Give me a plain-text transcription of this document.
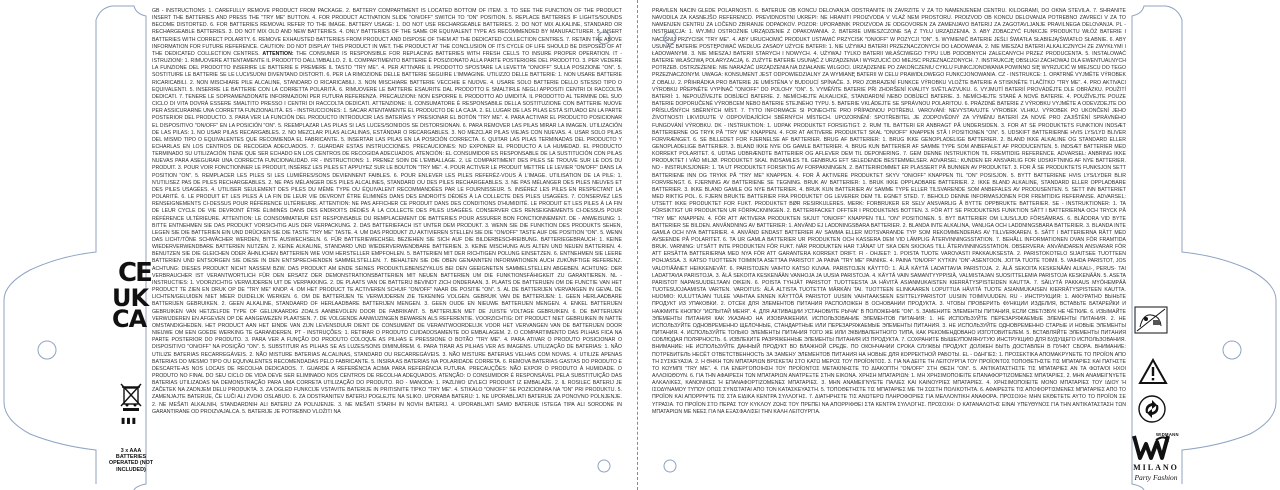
GB - INSTRUCTIONS: 1. CAREFULLY REMOVE PRODUCT FROM PACKAGE. 2. BATTERY COMPARTMENT IS LOCATED BOTTOM OF ITEM. 3. TO SEE THE FUNCTION OF THE PRODUCT INSERT THE BATTERIES AND PRESS THE "TRY ME" BUTTON. 4. FOR PRODUCT ACTIVATION SLIDE "ON/OFF" SWITCH TO "ON" POSITION. 5. REPLACE BATTERIES IF LIGHTS/SOUNDS BECOME DISTORTED. 6. FOR BATTERIES REMOVAL REFER TO THE IMAGE. BATTERY USAGE: 1. DO NOT USE RECHARGEABLE BATTERIES. 2. DO NOT MIX ALKALINE, STANDARD OR RECHARGEABLE BATTERIES. 3. DO NOT MIX OLD AND NEW BATTERIES. 4. ONLY BATTERIES OF THE SAME OR EQUIVALENT TYPE AS RECOMMENDED BY MANUFACTURER. 5. INSERT BATTERIES WITH CORRECT POLARITY. 6. REMOVE EXHAUSTED BATTERIES FROM PRODUCT AND DISPOSE OF THEM AT THE DEDICATED COLLECTION CENTRES. 7. RETAIN THE ABOVE INFORMATION FOR FUTURE REFERENCE. CAUTION: DO NOT DISPLAY THIS PRODUCT IN WET. THE PRODUCT AT THE CONCLUSION OF ITS CYCLE OF LIFE SHOULD BE DISPOSED OF AT THE DEDICATED COLLECTION CENTRES. ATTENTION: THE CONSUMER IS RESPONSIBLE FOR REPLACING BATTERIES WITH FRESH CELLS TO INSURE PROPER OPERATION. IT - ISTRUZIONI: 1. RIMUOVERE ATTENTAMENTE IL PRODOTTO DALL'IMBALLO. 2. IL COMPARTIMENTO BATTERIE È POSIZIONATO ALLA PARTE POSTERIORE DEL PRODOTTO. 3. PER VEDERE LA FUNZIONE DEL PRODOTTO INSERIRE LE BATTERIE E PREMERE IL TASTO "TRY ME". 4. PER ATTIVARE IL PRODOTTO SPOSTARE LA LEVETTA "ON/OFF" SULLA POSIZIONE "ON". 5. SOSTITUIRE LE BATTERIE SE LE LUCI/SUONI DIVENTANO DISTORTI. 6. PER LA RIMOZIONE DELLE BATTERIE SEGUIRE L'IMMAGINE. UTILIZZO DELLE BATTERIE: 1. NON USARE BATTERIE RICARICABILI. 2. NON MISCHIARE PILE ALCALINE, STANDARD O RICARICABILI. 3. NON MISCHIARE BATTERIE VECCHIE E NUOVE. 4. USARE SOLO BATTERIE DELLO STESSO TIPO O EQUIVALENTI. 5. INSERIRE LE BATTERIE CON LA CORRETTA POLARITÀ. 6. RIMUOVERE LE BATTERIE ESAURITE DAL PRODOTTO E SMALTIRLE NEGLI APPOSITI CENTRI DI RACCOLTA DEDICATI. 7. TENERE LE SOPRAMENZIONATE INFORMAZIONI PER FUTURA REFERENZA. PRECAUZIONI: NON ESPORRE IL PRODOTTO AD UMIDITÀ. IL PRODOTTO AL TERMINE DEL SUO CICLO DI VITA DOVRÀ ESSERE SMALTITO PRESSO I CENTRI DI RACCOLTA DEDICATI. ATTENZIONE: IL CONSUMATORE È RESPONSABILE DELLA SOSTITUZIONE CON BATTERIE NUOVE PER ASSICURARNE UNA CORRETTA FUNZIONALITÀ. ES - INSTRUCCIONES: 1. SACAR ATENTAMENTE EL PRODUCTO DE LA CAJA. 2. EL LUGAR DE LAS PILAS ESTÁ SITUADO EN LA PARTE POSTERIOR DEL PRODUCTO. 3. PARA VER LA FUNCIÓN DEL PRODUCTO INTRODUCIR LAS BATERÍAS Y PRESIONAR EL BOTÓN "TRY ME". 4. PARA ACTIVAR EL PRODUCTO POSICIONAR EL DISPOSITIVO "ON/OFF" EN LA POSICIÓN "ON". 5. REEMPLAZAR LAS PILAS SI LAS LUCES/SONIDOS SE DISTORSIONAN. 6. PARA REMOVER LAS PILAS MIRAR LA IMAGEN. UTILIZACIÓN DE LAS PILAS: 1. NO USAR PILAS RECARGABLES. 2. NO MEZCLAR PILAS ALCALINAS, ESTÁNDAR O RECARGABLES. 3. NO MEZCLAR PILAS VIEJAS CON NUEVAS. 4. USAR SOLO PILAS DEL MISMO TIPO O EQUIVALENTES QUE RECOMIENDA EL FABRICANTE. 5. INSERTAR LAS PILAS EN LA POSICIÓN CORRECTA. 6. QUITAR LAS PILAS TERMINADAS DEL PRODUCTO Y ECHARLAS EN LOS CENTROS DE RECOGIDA ADECUADOS. 7. GUARDAR ESTAS INSTRUCCIONES. PRECAUCIONES: NO EXPONER EL PRODUCTO A LA HUMEDAD. EL PRODUCTO TERMINADO SU UTILIZACIÓN TIENE QUE SER ECHADO EN LOS CENTROS DE RECOGIDA ADECUADOS. ATENCIÓN: EL CONSUMIDOR ES RESPONSABLE DE LA SUSTITUCIÓN CON PILAS NUEVAS PARA ASEGURAR UNA CORRECTA FUNCIONALIDAD. FR - INSTRUCTIONS: 1. PRENEZ SOIN DE L'EMBALLAGE. 2. LE COMPARTIMENT DES PILES SE TROUVE SUR LE DOS DU PRODUIT. 3. POUR VOIR FONCTIONNER LE PRODUIT, INSÉREZ LES PILES ET APPUYEZ SUR LE BOUTON "TRY ME". 4. POUR ACTIVER LE PRODUIT METTRE LE LEVIER "ON/OFF" DANS LA POSITION "ON". 5. REMPLACER LES PILES SI LES LUMIÈRES/SONS DEVIENNENT FAIBLES. 6. POUR ENLEVER LES PILES REFERÉZ-VOUS À L'IMAGE. UTILISATION DE LA PILE: 1. N'UTILISEZ PAS DE PILES RECHARGEABLES. 2. NE PAS MÉLANGER DES PILES ALCALINES, STANDARD OU DES PILES RECHARGEABLES. 3. NE PAS MÉLANGER DES PILES NEUVES ET DES PILES USAGÉES. 4. UTILISER SEULEMENT DES PILES DU MÊME TYPE OU ÉQUIVALENT RECOMMANDÉES PAR LE FOURNISSEUR. 5. INSÉREZ LES PILES EN RESPECTANT LA POLARITÉ. 6. LE PRODUIT ET LES PILES À LA FIN DE LEUR VIE DEVRONT ÊTRE ÉLIMINÉS DANS DES ENDROITS DÉDIÉS À LA COLLECTE DES PILES USAGÉES. 7. CONSERVEZ LES RENSEIGNEMENTS CI-DESSUS POUR RÉFÉRENCE ULTÉRIEURE. ATTENTION: NE PAS AFFICHER CE PRODUIT DANS DES CONDITIONS D'HUMIDITÉ. LE PRODUIT ET LES PILES À LA FIN DE LEUR CYCLE DE VIE DEVRONT ÊTRE ÉLIMINÉS DANS DES ENDROITS DÉDIÉS À LA COLLECTE DES PILES USAGÉES. CONSERVER CES RENSEIGNEMENTS CI-DESSUS POUR RÉFÉRENCE ULTÉRIEURE. ATTENTION: LE CONSOMMATEUR EST RESPONSABLE DU REMPLACEMENT DE BATTERIES POUR ASSURER BON FONCTIONNEMENT. DE - ANWEISUNG: 1. BITTE ENTNEHMEN SIE DAS PRODUKT VORSICHTIG AUS DER VERPACKUNG. 2. DAS BATTERIEFACH IST UNTER DEM PRODUKT. 3. WENN SIE DIE FUNKTION DES PRODUKTS SEHEN, LEGEN SIE DIE BATTERIEN EIN UND DRÜCKEN SIE DIE TASTE "TRY ME" TASTE. 4. UM DAS PRODUKT ZU AKTIVIEREN STELLEN SIE DIE "ON/OFF" TASTE AUF DIE POSITION "ON". 5. WENN DAS LICHT/TÖNE SCHWÄCHER WERDEN, BITTE AUSWECHSELN. 6. FÜR BATTERIEWECHSEL BEZIEHEN SIE SICH AUF DIE BILDERBESCHREIBUNG. BATTERIEGEBRAUCH: 1. KEINE WIEDERVERWENDBARE BATTERIEN NUTZEN. 2. KEINE ALKALINE, STANDARD UND WIEDERVERWENDBARE BATTERIEN. 3. KEINE MISCHUNG AUS ALTEN UND NEUEN BATTERIEN. 4. BENUTZEN SIE DIE GLEICHEN ODER ÄHNLICHEN BATTERIEN WIE VOM HERSTELLER EMPFOHLEN. 5. BATTERIEN MIT DER RICHTIGEN POLUNG EINSETZEN. 6. ENTNEHMEN SIE LEERE BATTERIEN UND ENTSORGEN SIE DIESE IN DEN ENTSPRECHENDEN SAMMELSTELLEN. 7. BEHALTEN SIE DIE OBEN GENANNTEN INFORMATIONEN AUCH ZUKÜNFTIGE REFERENZ. ACHTUNG: DIESES PRODUKT NICHT NASSEM BZW. DAS PRODUKT AM ENDE SEINES PRODUKTLEBENSZYKLUS BEI DEN GEEIGNETEN SAMMELSTELLEN ABGEBEN. ACHTUNG: DER VERBRAUCHER IST VERANTWORTLICH FÜR DEN ERSATZ DER DEMONSTRATIONSBATTERIEN MIT NEUEN BATTERIEN UM DIE FUNKTIONSFÄHIGKEIT ZU GARANTIEREN. NL - INSTRUCTIES: 1. VOORZICHTIG VERWIJDEREN UIT DE VERPAKKING. 2. DE PLAATS VAN DE BATTERIJ BEVINDT ZICH ONDERAAN. 3. PLAATS DE BATTERIJEN OM DE FUNCTIE VAN HET PRODUCT TE ZIEN EN DRUK OP DE "TRY ME" KNOP. 4. OM HET PRODUCT TE ACTIVEREN SCHUIF "ON/OFF" NAAR DE POSITIE "ON". 5. AL DE BATTERIJEN VERVANGEN IN GEVAL DE LICHTEN/GELUIDEN NIET MEER DUIDELIJK WERKEN. 6. OM DE BATTERIJEN TE VERWIJDEREN ZIE TEKENING VOLGEN. GEBRUIK VAN DE BATTERIJEN: 1. GEEN HERLAADBARE BATTERIJEN GEBRUIKEN. 2. GEEN ALKALINE, STANDAARD OF HERLAADBARE BATTERIJEN MENGEN. 3. GEEN OUDE EN NIEUWE BATTERIJEN MENGEN. 4. ENKEL BATTERIJEN GEBRUIKEN VAN HETZELFDE TYPE OF GELIJKAARDIG ZOALS AANBEVOLEN DOOR DE FABRIKANT. 5. BATTERIJEN MET DE JUISTE VOLTAGE GEBRUIKEN. 6. DE BATTERIJEN VERWIJDEREN EN AFGEVEN OP DE AANGEWEZEN PLAATSEN. 7. DE VOLGENDE AANWIJZINGEN BEWAREN ALS REFERENTIE. VOORZICHTIG: DIT PRODUCT NIET GEBRUIKEN IN NATTE OMSTANDIGHEDEN. HET PRODUCT AAN HET EINDE VAN ZIJN LEVENSDUUR DIENT DE CONSUMENT DE VERANTWOORDELIJK VOOR HET VERVANGEN VAN DE BATTERIJEN DOOR NIEUWE OM EEN GOEDE WERKING TE GARANDEREN. PT - INSTRUÇÕES: 1. RETIRAR O PRODUTO CUIDADOSAMENTE DO EMBALAGEM. 2. O COMPARTIMENTO DAS PILHAS FICA NA PARTE POSTERIOR DO PRODUTO. 3. PARA VER A FUNÇÃO DO PRODUTO COLOQUE AS PILHAS E PRESSIONE O BOTÃO "TRY ME". 4. PARA ATIVAR O PRODUTO POSICIONAR O DISPOSITIVO "ON/OFF" NA POSIÇÃO "ON". 5. SUBSTITUIR AS PILHAS SE AS LUZES/SONS DIMINUÍREM. 6. PARA TIRAR AS PILHAS VER AS IMAGENS. UTILIZAÇÃO DE BATERIAS: 1. NÃO UTILIZE BATERIAS RECARREGÁVEIS. 2. NÃO MISTURE BATERIAS ALCALINAS, STANDARD OU RECARREGÁVEIS. 3. NÃO MISTURE BATERIAS VELHAS COM NOVAS. 4. UTILIZE APENAS BATERIAS DO MESMO TIPO OU EQUIVALENTES RECOMENDADAS PELO FABRICANTE. 5. INSIRA AS BATERIAS NA POLARIDADE CORRETA. 6. REMOVA BATERIAS GASTAS DO PRODUTO E DESCARTE-AS NOS LOCAIS DE RECOLHA DEDICADOS. 7. GUARDE A REFERÊNCIA ACIMA PARA REFERÊNCIA FUTURA. PRECAUÇÕES: NÃO EXPOR O PRODUTO À HUMIDADE. O PRODUTO NO FINAL DO SEU CICLO DE VIDA DEVE SER ELIMINADO NOS CENTROS DE RECOLHA ADEQUADOS. ATENÇÃO: O CONSUMIDOR É RESPONSÁVEL PELA SUBSTITUIÇÃO DAS BATERIAS UTILIZADAS NA DEMONSTRAÇÃO PARA UMA CORRETA UTILIZAÇÃO DO PRODUTO. RO - MANODA: 1. PAZLIWO IZVLECI PRODUKT IZ EMBALAŽE. 2. IL ROSILEC BATERIJ JE ZAČETEK NA ZADNJEM DELU PRODUKTA. 3. ZA OGLED FUNKCIJE VSTAVITE BATERIJE IN PRITISNITE TIPKO "TRY ME". 4. STIKALO "ON/OFF" SE POZICIONIRA NA "ON" PRI PRODUKTU. 5. ZAMENJAJTE BATERIJE, ČE LUČI ALI ZVOKI OSLABIJO. 6. ZA ODSTRANITEV BATERIJ POGLEJTE NA SLIKO. UPORABA BATERIJ: 1. NE UPORABLJATI BATERIJE ZA PONOVNO POLNJENJE. 2. NE MEŠATI ALKALNIH, STANDARDNIH ALI BATERIJ ZA POLNJENJE. 3. NE MEŠATI STARIH IN NOVIH BATERIJ. 4. UPORABLJATI SAMO BATERIJE ISTEGA TIPA ALI SORODNE IN GARANTIRANE OD PROIZVAJALCA. 5. BATERIJE JE POTREBNO VLOŽITI NA

PRAVILEN NAČIN GLEDE POLARNOSTI. 6. BATERIJE OB KONCU DELOVANJA ODSTRANITE IN ZAVRZITE V ZA TO NAMENJENEM CENTRU. KILOGRAMI, DO OKNA ŠTEVILA. 7. SHRANITE NAVODILA ZA KASNEJŠO REFERENCO. PREVIDNOSTNI UKREPI: NE HRANITI PROIZVODA V VLAŽ NEM PROSTORU. PROIZVOD OB KONCU DELOVANJA POTREBNO ZAVRECI V ZA TO NAMENJEN CENTRU ZA LOČENO ZBIRANJE ODPADKOV. POZOR: UPORABNIK PROIZVODA JE ODGOVOREN ZA ZAMENJAVO BATERIJ ZA ZAGOTAVLJANJE PRAVILNEGA DELOVANJA. PL - INSTRUKCJA: 1. WYJMIJ OSTROŻNIE URZĄDZENIE Z OPAKOWANIA. 2. BATERIE UMIESZCZONE SĄ Z TYŁU URZĄDZENIA. 3. ABY ZOBACZYĆ FUNKCJE PRODUKTU WŁÓŻ BATERIE I NACIŚNIJ PRZYCISK "TRY ME". 4. ABY URUCHOMIĆ PRODUKT USTAWIĆ PRZYCISK "ON/OFF" W POZYCJI "ON". 5. WYMIENIĆ BATERIE JEŚLI ŚWIATŁA SŁABIEJĄ/ŚWIATŁO SŁABNIE. 6. ABY USUNĄĆ BATERIE POSTĘPOWAĆ WEDŁUG ZASADY UŻYCIE BATERII: 1. NIE UŻYWAJ BATERII PRZEZNACZONYCH DO ŁADOWANIA. 2. NIE MIESZAJ BATERII ALKALICZNYCH ZE ZWYKŁYMI I ŁADOWANYMI. 3. NIE MIESZAJ BATERII STARYCH I NOWYCH. 4. UŻYWAJ TYLKO BATERII WŁAŚCIWEGO TYPU LUB PODOBNYCH ZALECANYCH PRZEZ PRODUCENTA. 5. INSTALOWAĆ BATERIE WŁAŚCIWĄ POLARYZACJĄ. 6. ZUŻYTE BATERIE USUNĄĆ Z URZĄDZENIA I WYRZUCIĆ DO MIEJSC PRZEZNACZONYCH. 7. INSTRUKCJĘ OBSŁUGI ZACHOWAJ DLA EWENTUALNYCH POTRZEB. OSTRZEŻENIE: NIE NARAŻAĆ URZĄDZENIA NA DZIAŁANIE WILGOCI. URZĄDZENIE PO ZAKOŃCZENIU CYKLU FUNKCJONOWANIA POWINNO SIĘ WYRZUCIĆ W MIEJSCU DO TEGO PRZEZNACZONYM. UWAGA: KONSUMENT JEST ODPOWIEDZIALNY ZA WYMIANĘ BATERII W CELU PRAWIDŁOWEGO FUNKCJONOWANIA. CZ - INSTRUKCE: 1. OPATRNĚ VYJMĚTE VÝROBEK Z OBALU. 2. PŘIHRÁDKA PRO BATERIE JE UMÍSTĚNA V BUDOUCÍ SPÍNAČE. 3. PRO ZOBRAZENÍ FUNKCE VÝROBKU VLOŽTE BATERIE A STISKNĚTE TLAČÍTKO "TRY ME". 4. PRO AKTIVACI VÝROBKU PŘEPNĚTE VYPÍNAČ "ON/OFF" DO POLOHY "ON". 5. VYMĚŇTE BATERIE PŘI ZHORŠENÍ KVALITY SVĚTLA/ZVUKU. 6. VYJMUTÍ BATERIÍ PROVÁDĚJTE DLE OBRÁZKU. POUŽITÍ BATERIÍ: 1. NEPOUŽÍVEJTE DOBÍJECÍ BATERIE. 2. NEMÍCHEJTE ALKALICKÉ, STANDARDNÍ NEBO DOBÍJECÍ BATERIE. 3. NEMÍCHEJTE STARÉ A NOVÉ BATERIE. 4. POUŽÍVEJTE POUZE BATERIE DOPORUČENÉ VÝROBCEM NEBO BATERIE STEJNÉHO TYPU. 5. BATERIE VKLÁDEJTE SE SPRÁVNOU POLARITOU. 6. PRÁZDNÉ BATERIE Z VÝROBKU VYJMĚTE A ODEVZDEJTE DO PŘÍSLUŠNÝCH SBĚRNÝCH MÍST. 7. TYTO INFORMACE SI PONECHTE PRO PŘÍPADNOU POTŘEBU. VAROVÁNÍ: NEVYSTAVUJTE VÝROBEK VLHKU. VÝROBEK PO UKONČENÍ JEHO ŽIVOTNOSTI LIKVIDUJTE V ODPOVÍDAJÍCÍCH SBĚRNÝCH MÍSTECH. UPOZORNĚNÍ: SPOTŘEBITEL JE ZODPOVĚDNÝ ZA VÝMĚNU BATERIÍ ZA NOVÉ PRO ZAJIŠTĚNÍ SPRÁVNÉHO FUNGOVÁNÍ VÝROBKU. DK - INSTRUKTION: 1. UDPAK PRODUKTET FORSIGTIGT. 2. RUM TIL BATTERI ER ANBRAGT PÅ UNDERSIDEN. 3. FOR AT SE PRODUKTETS FUNKTION INDSÆT BATTERIERNE OG TRYK PÅ "TRY ME" KNAPPEN. 4. FOR AT AKTIVERE PRODUKTET SKAL "ON/OFF" KNAPPEN STÅ I POSITIONEN "ON". 5. UDSKIFT BATTERIERNE HVIS LYS/LYD BLIVER FORVRÆNGET. 6. SE BILLEDET FOR FJERNELSE AF BATTERIER. BRUG AF BATTERIER: 1. BRUG IKKE GENOPLADELIGE BATTERIER. 2. BLAND IKKE ALKALINE OG STANDARD ELLER GENOPLADELIGE BATTERIER. 3. BLAND IKKE NYE OG GAMLE BATTERIER. 4. BRUG KUN BATTERIER AF SAMME TYPE SOM ANBEFALET AF PRODUCENTEN. 5. INDSÆT BATTERIER MED KORREKT POLARITET. 6. UDTAG UDBRÆNDTE BATTERIER OG AFLEVER DEM TIL DEPONERING. 7. GEM DENNE INSTRUKTION TIL FREMTIDIG REFERENCE. ADVARSEL: ANBRING IKKE PRODUKTET I VÅD MILJØ. PRODUKTET SKAL INDSAMLES TIL GENBRUG EFT SELEDENDE BESTEMMELSER. ADVARSEL: KUNDEN ER ANSVARLIG FOR UDSKIFTNING AF NYE BATTERIER. NO - INSTRUKSJONER: 1. TA UT PRODUKTET FORSIKTIG AV FORPAKNINGEN. 2. BATTERIROMMET ER PLASSERT PÅ BUNNEN AV PRODUKTET. 3. FOR Å SE PRODUKTETS FUNKSJON SETT BATTERIENE INN OG TRYKK PÅ "TRY ME" KNAPPEN. 4. FOR Å AKTIVERE PRODUKTET SKYV "ON/OFF" KNAPPEN TIL "ON" POSISJON. 5. BYTT BATTERIENE HVIS LYS/LYDER BLIR FORVRENGT. 6. FJERNING AV BATTERIENE SE TEGNING. BRUK AV BATTERIER: 1. BRUK IKKE OPPLADBARE BATTERIER. 2. IKKE BLAND ALKALINE, STANDARD ELLER OPPLADBARE BATTERIER. 3. IKKE BLAND GAMLE OG NYE BATTERIER. 4. BRUK KUN BATTERIER AV SAMME TYPE ELLER TILSVARENDE SOM ANBEFALES AV PRODUSENTEN. 5. SETT INN BATTERIET MED RIKTIG POL. 6. FJERN BRUKTE BATTERIER FRA PRODUKTET OG LEVERER DEM TIL EGNET STED. 7. BEHOLD DENNE INFORMASJONEN FOR FREMTIDIG REFERANSE. ADVARSEL: UTSETT IKKE PRODUKTET FOR FUKT. PRODUKTET BØR RESIRKULERES. MERK: FORBRUKER ER SELV ANSVARLIG Å BYTTE OPPBRUKTE BATTERIER. SE - INSTRUKTIONER: 1. TA FÖRSIKTIGT UR PRODUKTEN UR FÖRPACKNINGEN. 2. BATTERIFACKET OFFTER I PRODUKTENS BOTTEN. 3. FÖR ATT SE PRODUKTENS FUNKTION SÄTT I BATTERIERNA OCH TRYCK PÅ "TRY ME" KNAPPEN. 4. FÖR ATT AKTIVERA PRODUKTEN SKJUT "ON/OFF" KNAPPEN TILL "ON" POSITIONEN. 5. BYT BATTERIER OM LJUS/LJUD FÖRSÄMRAS. 6. BLÄDDRA VID BYTE BATTERIER SE BILDEN. ANVÄNDNING AV BATTERIER: 1. ANVÄND EJ LADDNINGSBARA BATTERIER. 2. BLANDA INTE ALKALINA, VANLIGA OCH LADDNINGSBARA BATTERIER. 3. BLANDA INTE GAMLA OCH NYA BATTERIER. 4. ANVÄND ENDAST BATTERIER AV SAMMA ELLER MOTSVARANDE TYP SOM REKOMMENDERAS AV TILLVERKAREN. 5. SÄTT I BATTERIERNA RÄTT MED AVSEENDE PÅ POLARITET. 6. TA UR GAMLA BATTERIER UR PRODUKTEN OCH KASSERA DEM VID LÄMPLIG ÅTERVINNINGSSTATION. 7. BEHÅLL INFORMATIONEN OVAN FÖR FRAMTIDA BRUK. VARNING: UTSÄTT INTE PRODUKTEN FÖR FUKT. NÄR PRODUKTEN HAR TJÄNAT UT SKA DEN SKICKAS TILL ÅTERVINNINGSSTATION. OBSERVERA: ANVÄNDAREN ANSVARAR FÖR ATT ERSÄTTA BATTERIERNA MED NYA FÖR ATT GARANTERA KORREKT DRIFT. FI - OHJEET: 1. POISTA TUOTE VAROVASTI PAKKAUKSESTA. 2. PARISTOKOTELO SIJAITSEE TUOTTEEN POHJASSA. 3. KATSO TUOTTEEN TOIMINTA ASETTAA PARISTOT JA PAINA "TRY ME" PAINIKE. 4. PAINA "ON/OFF" KYTKIN "ON"-ASENTOON. JOTTA TUOTE TOIMII. 5. VAIHDA PARISTOT, JOS VALOT/ÄÄNET HEIKKENEVÄT. 6. PARISTOJEN VAIHTO KATSO KUVAA. PARISTOJEN KÄYTTÖ: 1. ÄLÄ KÄYTÄ LADATTAVIA PARISTOJA. 2. ÄLÄ SEKOITA KESKENÄÄN ALKALI-, PERUS- TAI LADATTAVIA PARISTOJA. 3. ÄLÄ SEKOITA KESKENÄÄN VANHOJA JA UUSIA PARISTOJA. 4. KÄYTÄ VAIN SAMANTYYPPISIÄ, VALMISTAJAN SUOSITTELEMIA PARISTOJA KESKENÄÄN. 5. ASETA PARISTOT NAPAISUUDELTAAN OIKEIN. 6. POISTA TYHJÄT PARISTOT TUOTTEESTA JA HÄVITÄ ASIANMUKAISTEN KIERRÄTYSPISTEIDEN KAUTTA. 7. SÄILYTÄ PAKKAUS MYÖHEMPÄÄ TUOTESUOJAAMISTA VARTEN. VAROITUS: ÄLÄ ALTISTA TUOTETTA MÄRKÄN TAI. TUOTTEEN ELINKAAREN LOPUTTUA HÄVITÄ TUOTE ASIANMUKAISEN KIERRÄTYSPISTEEN KAUTTA. HUOMIO: KULUTTAJAN TULEE VAIHTAA ENNEN KÄYTTÖÄ PARISTOT UUSIIN VAIHTAAKSEEN ESITTELYPARISTOT UUSIIN TOIMIVUUDEN. RU - ИНСТРУКЦИЯ: 1. АККУРАТНО ВЫНЬТЕ ПРОДУКТ ИЗ УПАКОВКИ. 2. ОТСЕК ДЛЯ ЭЛЕМЕНТОВ ПИТАНИЯ РАСПОЛОЖЕН В ОСНОВАНИИ ПРОДУКТА. 3. ЧТОБЫ ПРОВЕРИТЬ ФУНКЦИИ ИЗДЕЛИЯ, ВСТАВЬТЕ БАТАРЕЙКИ И НАЖМИТЕ КНОПКУ "ИСПЫТАЙ МЕНЯ". 4. ДЛЯ АКТИВАЦИИ УСТАНОВИТЕ РЫЧАГ В ПОЛОЖЕНИЕ "ON". 5. ЗАМЕНИТЕ ЭЛЕМЕНТЫ ПИТАНИЯ, ЕСЛИ СВЕТ/ЗВУК НЕ ЧЁТКИЕ. 6. ИЗЫМАЙТЕ ЭЛЕМЕНТЫ ПИТАНИЯ КАК УКАЗАНО НА ИЗОБРАЖЕНИИ. ИСПОЛЬЗОВАНИЕ ЭЛЕМЕНТОВ ПИТАНИЯ: 1. НЕ ИСПОЛЬЗУЙТЕ ПЕРЕЗАРЯЖАЕМЫЕ ЭЛЕМЕНТЫ ПИТАНИЯ. 2. НЕ ИСПОЛЬЗУЙТЕ ОДНОВРЕМЕННО ЩЕЛОЧНЫЕ, СТАНДАРТНЫЕ ИЛИ ПЕРЕЗАРЯЖАЕМЫЕ ЭЛЕМЕНТЫ ПИТАНИЯ. 3. НЕ ИСПОЛЬЗУЙТЕ ОДНОВРЕМЕННО СТАРЫЕ И НОВЫЕ ЭЛЕМЕНТЫ ПИТАНИЯ. 4. ИСПОЛЬЗУЙТЕ ТОЛЬКО ЭЛЕМЕНТЫ ПИТАНИЯ ТОГО ЖЕ ИЛИ ЭКВИВАЛЕНТНОГО ТИПА, КАК РЕКОМЕНДОВАНО ИЗГОТОВИТЕЛЕМ. 5. ВСТАВЛЯЙТЕ ЭЛЕМЕНТЫ ПИТАНИЯ СОБЛЮДАЯ ПОЛЯРНОСТЬ. 6. ИЗВЛЕКИТЕ РАЗРЯЖЕННЫЕ ЭЛЕМЕНТЫ ПИТАНИЯ ИЗ ПРОДУКТА. 7. СОХРАНИТЕ ВЫШЕУПОМЯНУТУЮ ИНСТРУКЦИЮ ДЛЯ БУДУЩЕГО ИСПОЛЬЗОВАНИЯ. ВНИМАНИЕ: НЕ ИСПОЛЬЗУЙТЕ ДАННЫЙ ПРОДУКТ ВО ВЛАЖНОЙ СРЕДЕ. ПО ОКОНЧАНИИ СРОКА СЛУЖБЫ ПРОДУКТ ДОЛЖЕН БЫТЬ ДОСТАВЛЕН В ПУНКТ СБОРА. ВНИМАНИЕ: ПОТРЕБИТЕЛЬ НЕСЁТ ОТВЕТСТВЕННОСТЬ ЗА ЗАМЕНУ ЭЛЕМЕНТОВ ПИТАНИЯ НА НОВЫЕ ДЛЯ КОРРЕКТНОЙ РАБОТЫ. EL - ΟΔΗΓΙΕΣ: 1. ΠΡΟΣΕΚΤΙΚΑ ΑΠΟΜΑΚΡΥΝΕΤΕ ΤΟ ΠΡΟΪΟΝ ΑΠΟ ΤΗ ΣΥΣΚΕΥΑΣΙΑ. 2. Η ΘΗΚΗ ΤΩΝ ΜΠΑΤΑΡΙΩΝ ΒΡΙΣΚΕΤΑΙ ΣΤΟ ΚΑΤΩ ΜΕΡΟΣ ΤΟΥ ΠΡΟΪΟΝΤΟΣ. 3. ΓΙΑ ΝΑ ΔΕΙΤΕ ΤΗ ΛΕΙΤΟΥΡΓΙΑ ΤΟΥ ΠΡΟΪΟΝΤΟΣ ΤΟΠΟΘΕΤΗΣΤΕ ΤΙΣ ΜΠΑΤΑΡΙΕΣ ΚΑΙ ΠΑΤΗΣΤΕ ΤΟ ΚΟΥΜΠΙ "TRY ME". 4. ΓΙΑ ΕΝΕΡΓΟΠΟΙΗΣΗ ΤΟΥ ΠΡΟΪΟΝΤΟΣ ΜΕΤΑΚΙΝΗΣΤΕ ΤΟ ΔΙΑΚΟΠΤΗ "ON/OFF" ΣΤΗ ΘΕΣΗ "ON". 5. ΑΝΤΙΚΑΤΑΣΤΗΣΤΕ ΤΙΣ ΜΠΑΤΑΡΙΕΣ ΑΝ ΤΑ ΦΩΤΑ/ΟΙ ΗΧΟΙ ΑΛΛΟΙΩΘΟΥΝ. 6. ΓΙΑ ΤΗΝ ΑΦΑΙΡΕΣΗ ΤΩΝ ΜΠΑΤΑΡΙΩΝ ΑΝΑΤΡΕΞΤΕ ΣΤΗΝ ΕΙΚΟΝΑ. ΧΡΗΣΗ ΜΠΑΤΑΡΙΩΝ: 1. ΜΗ ΧΡΗΣΙΜΟΠΟΙΕΙΤΕ ΕΠΑΝΑΦΟΡΤΙΖΟΜΕΝΕΣ ΜΠΑΤΑΡΙΕΣ. 2. ΜΗΝ ΑΝΑΜΕΙΓΝΥΕΤΕ ΑΛΚΑΛΙΚΕΣ, ΚΑΝΟΝΙΚΕΣ Ή ΕΠΑΝΑΦΟΡΤΙΖΟΜΕΝΕΣ ΜΠΑΤΑΡΙΕΣ. 3. ΜΗΝ ΑΝΑΜΕΙΓΝΥΕΤΕ ΠΑΛΙΕΣ ΚΑΙ ΚΑΙΝΟΥΡΙΕΣ ΜΠΑΤΑΡΙΕΣ. 4. ΧΡΗΣΙΜΟΠΟΙΕΙΤΕ ΜΟΝΟ ΜΠΑΤΑΡΙΕΣ ΤΟΥ ΙΔΙΟΥ Ή ΙΣΟΔΥΝΑΜΟΥ ΤΥΠΟΥ ΟΠΩΣ ΣΥΝΙΣΤΑΤΑΙ ΑΠΟ ΤΟΝ ΚΑΤΑΣΚΕΥΑΣΤΗ. 5. ΤΟΠΟΘΕΤΗΣΤΕ ΤΙΣ ΜΠΑΤΑΡΙΕΣ ΜΕ ΤΗ ΣΩΣΤΗ ΠΟΛΙΚΟΤΗΤΑ. 6. ΑΦΑΙΡΕΣΤΕ ΤΙΣ ΑΠΟΦΟΡΤΙΣΜΕΝΕΣ ΜΠΑΤΑΡΙΕΣ ΑΠΟ ΤΟ ΠΡΟΪΟΝ ΚΑΙ ΑΠΟΡΡΙΨΤΕ ΤΙΣ ΣΤΑ ΕΙΔΙΚΑ ΚΕΝΤΡΑ ΣΥΛΛΟΓΗΣ. 7. ΔΙΑΤΗΡΗΣΤΕ ΤΙΣ ΑΝΩΤΕΡΩ ΠΛΗΡΟΦΟΡΙΕΣ ΓΙΑ ΜΕΛΛΟΝΤΙΚΗ ΑΝΑΦΟΡΑ. ΠΡΟΣΟΧΗ: ΜΗΝ ΕΚΘΕΤΕΤΕ ΑΥΤΟ ΤΟ ΠΡΟΪΟΝ ΣΕ ΥΓΡΑΣΙΑ. ΤΟ ΠΡΟΪΟΝ ΣΤΟ ΠΕΡΑΣ ΤΟΥ ΚΥΚΛΟΥ ΖΩΗΣ ΤΟΥ ΠΡΕΠΕΙ ΝΑ ΑΠΟΡΡΙΦΘΕΙ ΣΤΑ ΚΕΝΤΡΑ ΣΥΛΛΟΓΗΣ. ΠΡΟΣΟΧΗ: Ο ΚΑΤΑΝΑΛΩΤΗΣ ΕΙΝΑΙ ΥΠΕΥΘΥΝΟΣ ΓΙΑ ΤΗΝ ΑΝΤΙΚΑΤΑΣΤΑΣΗ ΤΩΝ ΜΠΑΤΑΡΙΩΝ ΜΕ ΝΕΕΣ ΓΙΑ ΝΑ ΕΞΑΣΦΑΛΙΣΕΙ ΤΗΝ ΚΑΛΗ ΛΕΙΤΟΥΡΓΙΑ.

CE
UK
CA
▮▮▮
3 x AAA BATTERIES OPERATED (NOT INCLUDED)
WIDMANN
MILANO
Party Fashion
